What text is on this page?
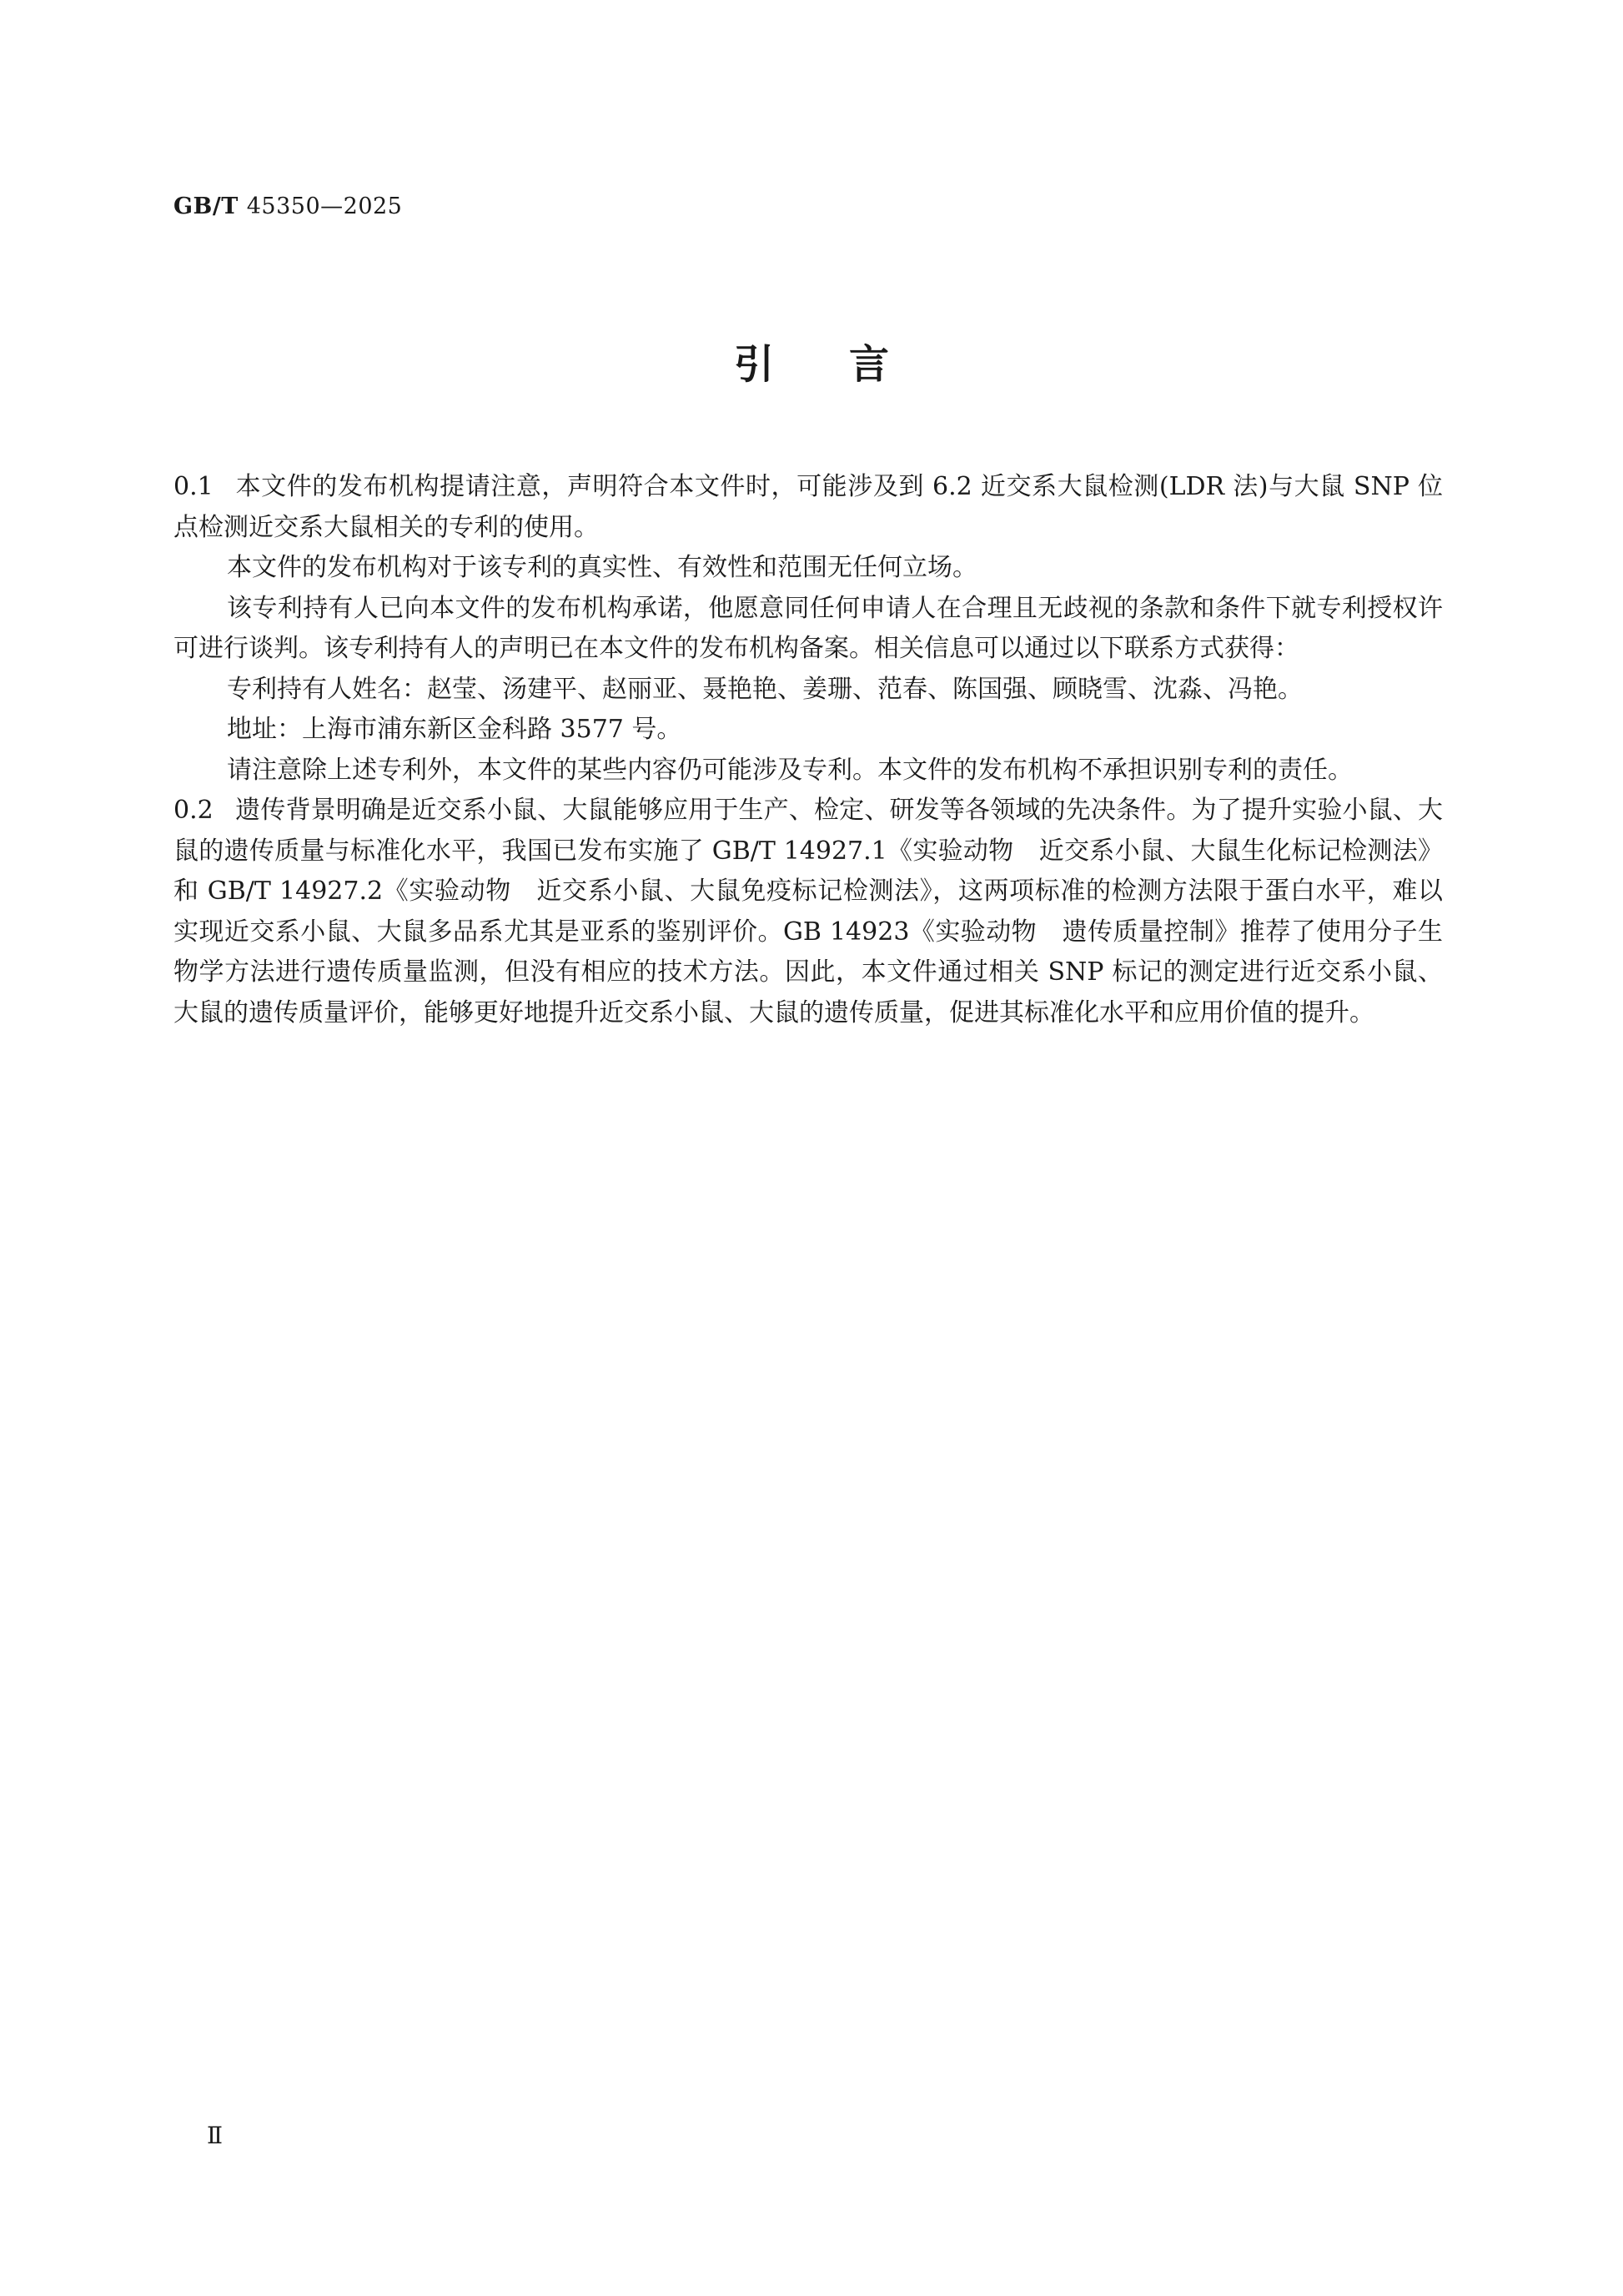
GB/T 45350—2025
引言

0.1 本文件的发布机构提请注意，声明符合本文件时，可能涉及到 6.2 近交系大鼠检测(LDR 法)与大鼠 SNP 位点检测近交系大鼠相关的专利的使用。

本文件的发布机构对于该专利的真实性、有效性和范围无任何立场。

该专利持有人已向本文件的发布机构承诺，他愿意同任何申请人在合理且无歧视的条款和条件下就专利授权许可进行谈判。该专利持有人的声明已在本文件的发布机构备案。相关信息可以通过以下联系方式获得：

专利持有人姓名：赵莹、汤建平、赵丽亚、聂艳艳、姜珊、范春、陈国强、顾晓雪、沈淼、冯艳。

地址：上海市浦东新区金科路 3577 号。

请注意除上述专利外，本文件的某些内容仍可能涉及专利。本文件的发布机构不承担识别专利的责任。

0.2 遗传背景明确是近交系小鼠、大鼠能够应用于生产、检定、研发等各领域的先决条件。为了提升实验小鼠、大鼠的遗传质量与标准化水平，我国已发布实施了 GB/T 14927.1《实验动物　近交系小鼠、大鼠生化标记检测法》和 GB/T 14927.2《实验动物　近交系小鼠、大鼠免疫标记检测法》，这两项标准的检测方法限于蛋白水平，难以实现近交系小鼠、大鼠多品系尤其是亚系的鉴别评价。GB 14923《实验动物　遗传质量控制》推荐了使用分子生物学方法进行遗传质量监测，但没有相应的技术方法。因此，本文件通过相关 SNP 标记的测定进行近交系小鼠、大鼠的遗传质量评价，能够更好地提升近交系小鼠、大鼠的遗传质量，促进其标准化水平和应用价值的提升。

Ⅱ
